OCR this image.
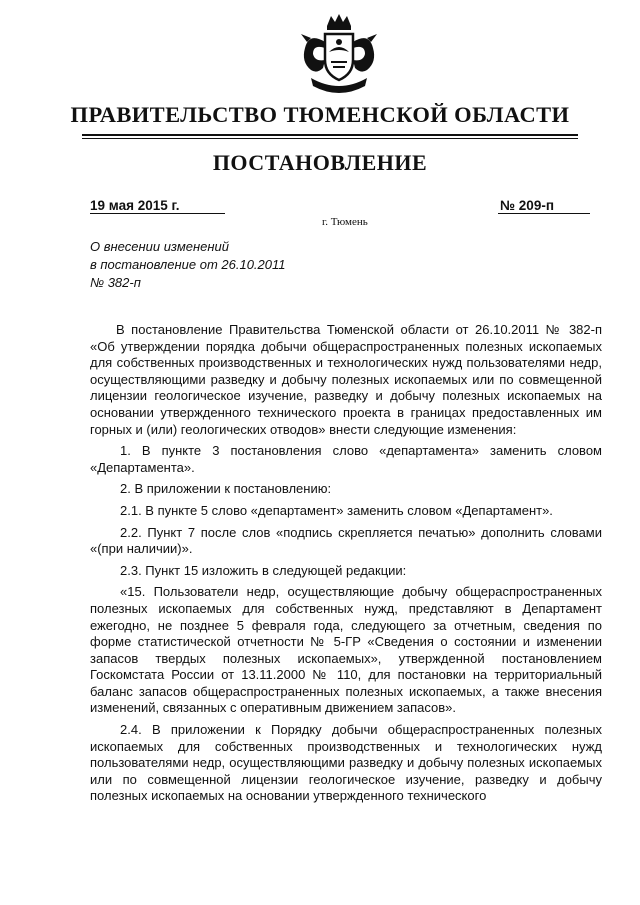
ПРАВИТЕЛЬСТВО ТЮМЕНСКОЙ ОБЛАСТИ
ПОСТАНОВЛЕНИЕ
19 мая 2015 г.	№ 209-п
г. Тюмень
О внесении изменений
в постановление от 26.10.2011
№ 382-п

В постановление Правительства Тюменской области от 26.10.2011 № 382-п «Об утверждении порядка добычи общераспространенных полезных ископаемых для собственных производственных и технологических нужд пользователями недр, осуществляющими разведку и добычу полезных ископаемых или по совмещенной лицензии геологическое изучение, разведку и добычу полезных ископаемых на основании утвержденного технического проекта в границах предоставленных им горных и (или) геологических отводов» внести следующие изменения:

1. В пункте 3 постановления слово «департамента» заменить словом «Департамента».

2. В приложении к постановлению:

2.1. В пункте 5 слово «департамент» заменить словом «Департамент».

2.2. Пункт 7 после слов «подпись скрепляется печатью» дополнить словами «(при наличии)».

2.3. Пункт 15 изложить в следующей редакции:

«15. Пользователи недр, осуществляющие добычу общераспространенных полезных ископаемых для собственных нужд, представляют в Департамент ежегодно, не позднее 5 февраля года, следующего за отчетным, сведения по форме статистической отчетности № 5-ГР «Сведения о состоянии и изменении запасов твердых полезных ископаемых», утвержденной постановлением Госкомстата России от 13.11.2000 № 110, для постановки на территориальный баланс запасов общераспространенных полезных ископаемых, а также внесения изменений, связанных с оперативным движением запасов».

2.4. В приложении к Порядку добычи общераспространенных полезных ископаемых для собственных производственных и технологических нужд пользователями недр, осуществляющими разведку и добычу полезных ископаемых или по совмещенной лицензии геологическое изучение, разведку и добычу полезных ископаемых на основании утвержденного технического
